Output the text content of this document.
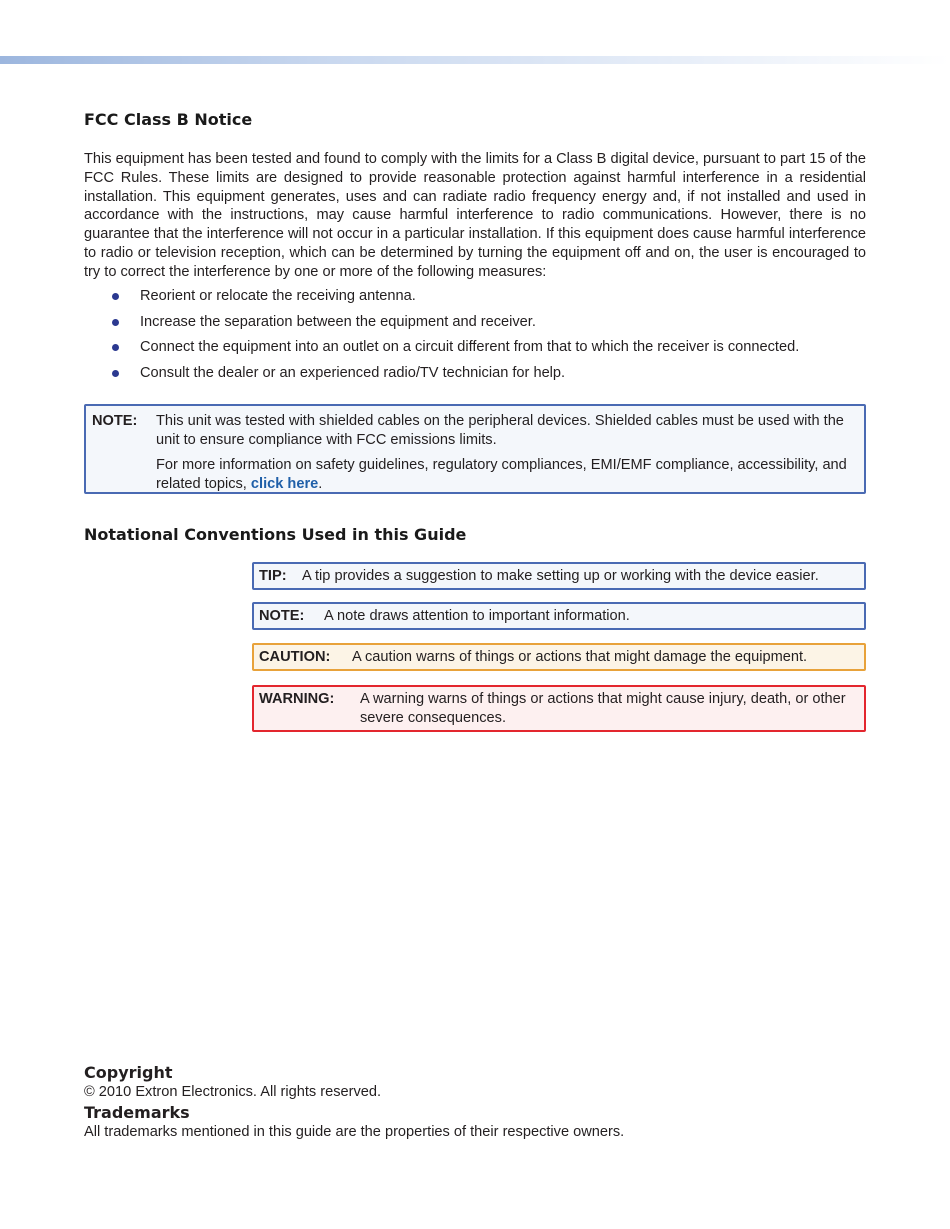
FCC Class B Notice

This equipment has been tested and found to comply with the limits for a Class B digital device, pursuant to part 15 of the FCC Rules. These limits are designed to provide reasonable protection against harmful interference in a residential installation. This equipment generates, uses and can radiate radio frequency energy and, if not installed and used in accordance with the instructions, may cause harmful interference to radio communications. However, there is no guarantee that the interference will not occur in a particular installation. If this equipment does cause harmful interference to radio or television reception, which can be determined by turning the equipment off and on, the user is encouraged to try to correct the interference by one or more of the following measures:

Reorient or relocate the receiving antenna.
Increase the separation between the equipment and receiver.
Connect the equipment into an outlet on a circuit different from that to which the receiver is connected.
Consult the dealer or an experienced radio/TV technician for help.
NOTE: This unit was tested with shielded cables on the peripheral devices. Shielded cables must be used with the unit to ensure compliance with FCC emissions limits.
For more information on safety guidelines, regulatory compliances, EMI/EMF compliance, accessibility, and related topics, click here.
Notational Conventions Used in this Guide
TIP: A tip provides a suggestion to make setting up or working with the device easier.
NOTE: A note draws attention to important information.
CAUTION: A caution warns of things or actions that might damage the equipment.
WARNING: A warning warns of things or actions that might cause injury, death, or other severe consequences.
Copyright

© 2010 Extron Electronics. All rights reserved.

Trademarks

All trademarks mentioned in this guide are the properties of their respective owners.
